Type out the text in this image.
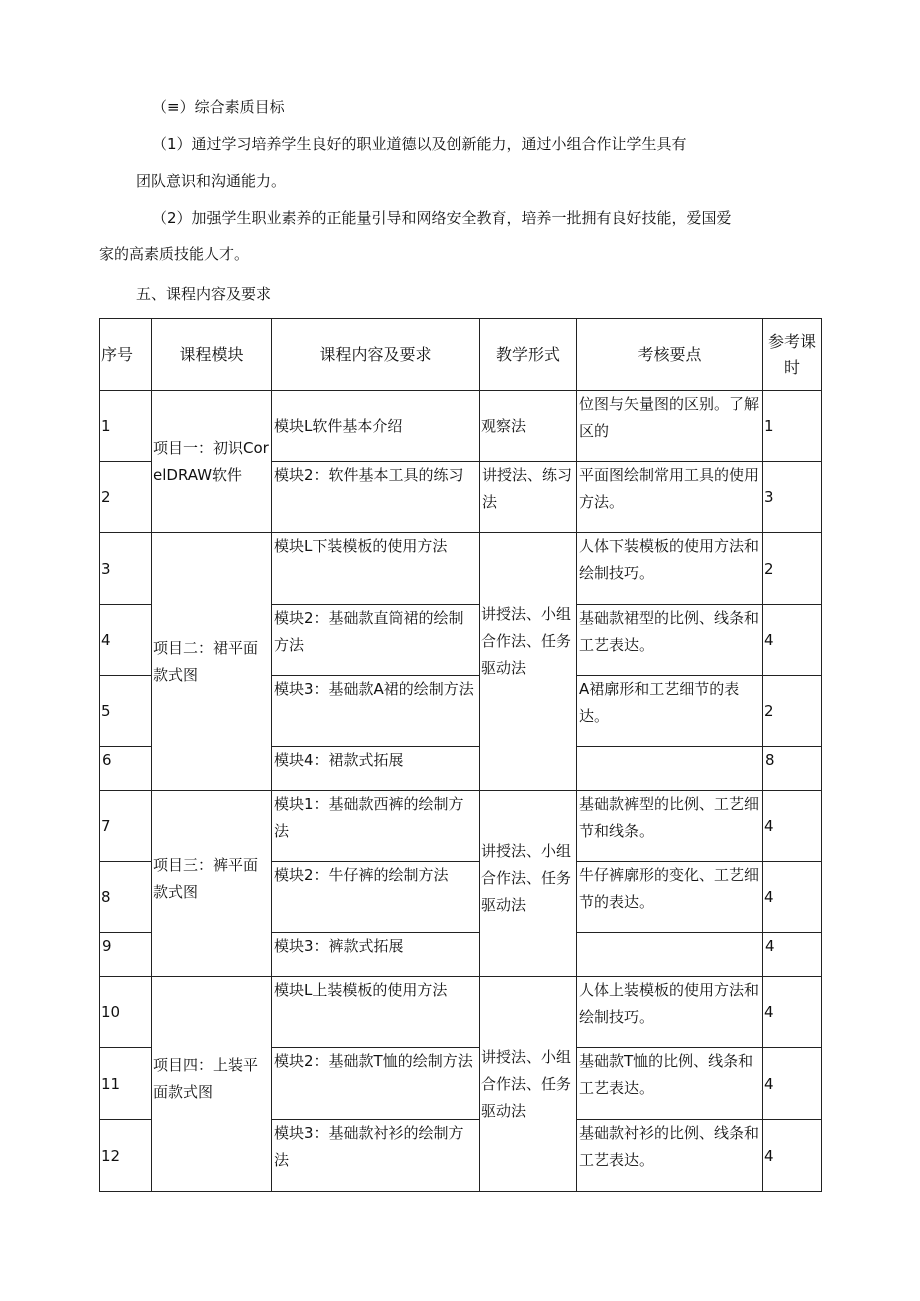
（≡）综合素质目标
（1）通过学习培养学生良好的职业道德以及创新能力，通过小组合作让学生具有
团队意识和沟通能力。
（2）加强学生职业素养的正能量引导和网络安全教育，培养一批拥有良好技能，爱国爱
家的高素质技能人才。
五、课程内容及要求
序号	课程模块	课程内容及要求	教学形式	考核要点	参考课时
1	项目一：初识CorelDRAW软件	模块L软件基本介绍	观察法	位图与矢量图的区别。了解区的	1
2		模块2：软件基本工具的练习	讲授法、练习法	平面图绘制常用工具的使用方法。	3
3	项目二：裙平面款式图	模块L下装模板的使用方法	讲授法、小组合作法、任务驱动法	人体下装模板的使用方法和绘制技巧。	2
4		模块2：基础款直筒裙的绘制方法		基础款裙型的比例、线条和工艺表达。	4
5		模块3：基础款A裙的绘制方法		A裙廓形和工艺细节的表达。	2
6		模块4：裙款式拓展			8
7	项目三：裤平面款式图	模块1：基础款西裤的绘制方法	讲授法、小组合作法、任务驱动法	基础款裤型的比例、工艺细节和线条。	4
8		模块2：牛仔裤的绘制方法		牛仔裤廓形的变化、工艺细节的表达。	4
9		模块3：裤款式拓展			4
10	项目四：上装平面款式图	模块L上装模板的使用方法	讲授法、小组合作法、任务驱动法	人体上装模板的使用方法和绘制技巧。	4
11		模块2：基础款T恤的绘制方法		基础款T恤的比例、线条和工艺表达。	4
12		模块3：基础款衬衫的绘制方法		基础款衬衫的比例、线条和工艺表达。	4
